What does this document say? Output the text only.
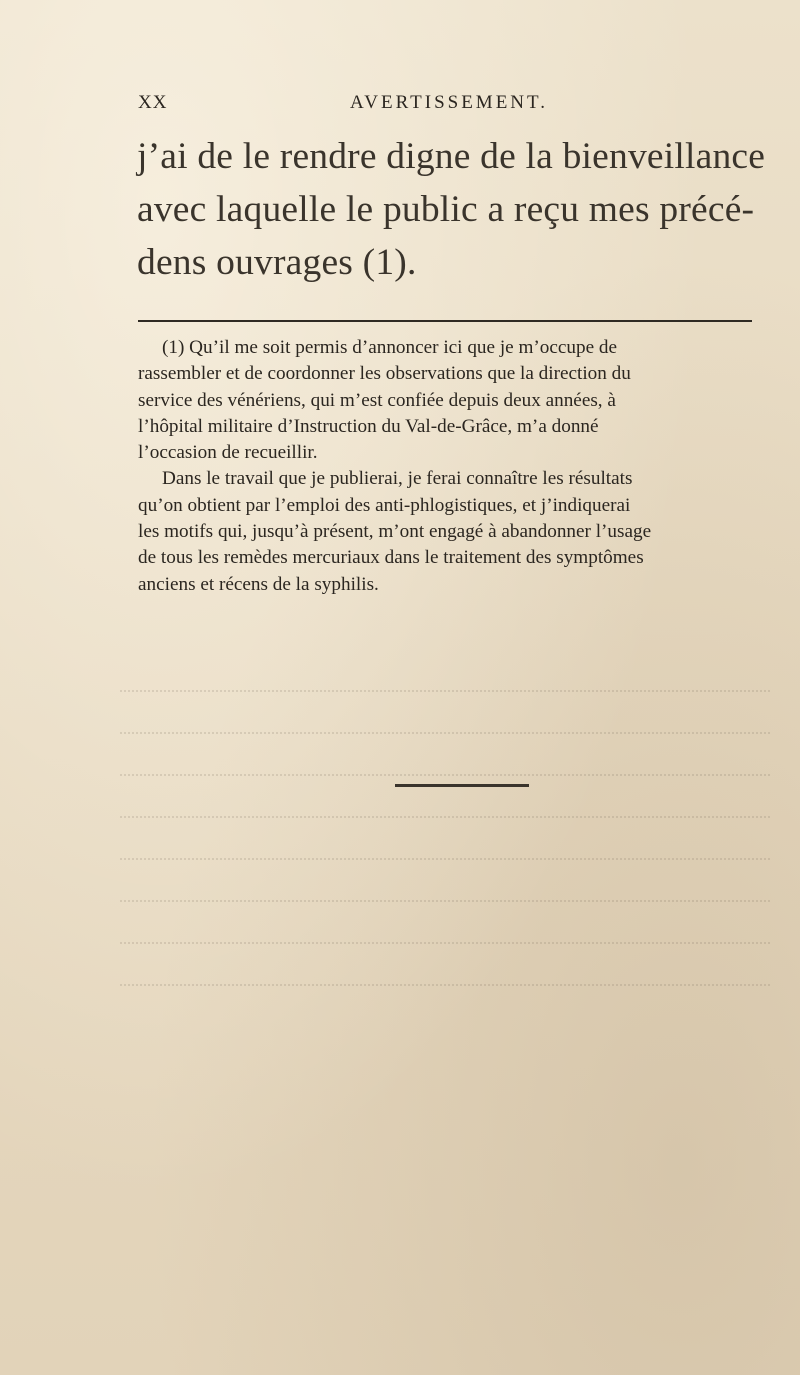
XX	AVERTISSEMENT.

j’ai de le rendre digne de la bienveillance
avec laquelle le public a reçu mes précé-
dens ouvrages (1).

(1) Qu’il me soit permis d’annoncer ici que je m’occupe de
rassembler et de coordonner les observations que la direction du
service des vénériens, qui m’est confiée depuis deux années, à
l’hôpital militaire d’Instruction du Val-de-Grâce, m’a donné
l’occasion de recueillir.
Dans le travail que je publierai, je ferai connaître les résultats
qu’on obtient par l’emploi des anti-phlogistiques, et j’indiquerai
les motifs qui, jusqu’à présent, m’ont engagé à abandonner l’usage
de tous les remèdes mercuriaux dans le traitement des symptômes
anciens et récens de la syphilis.
